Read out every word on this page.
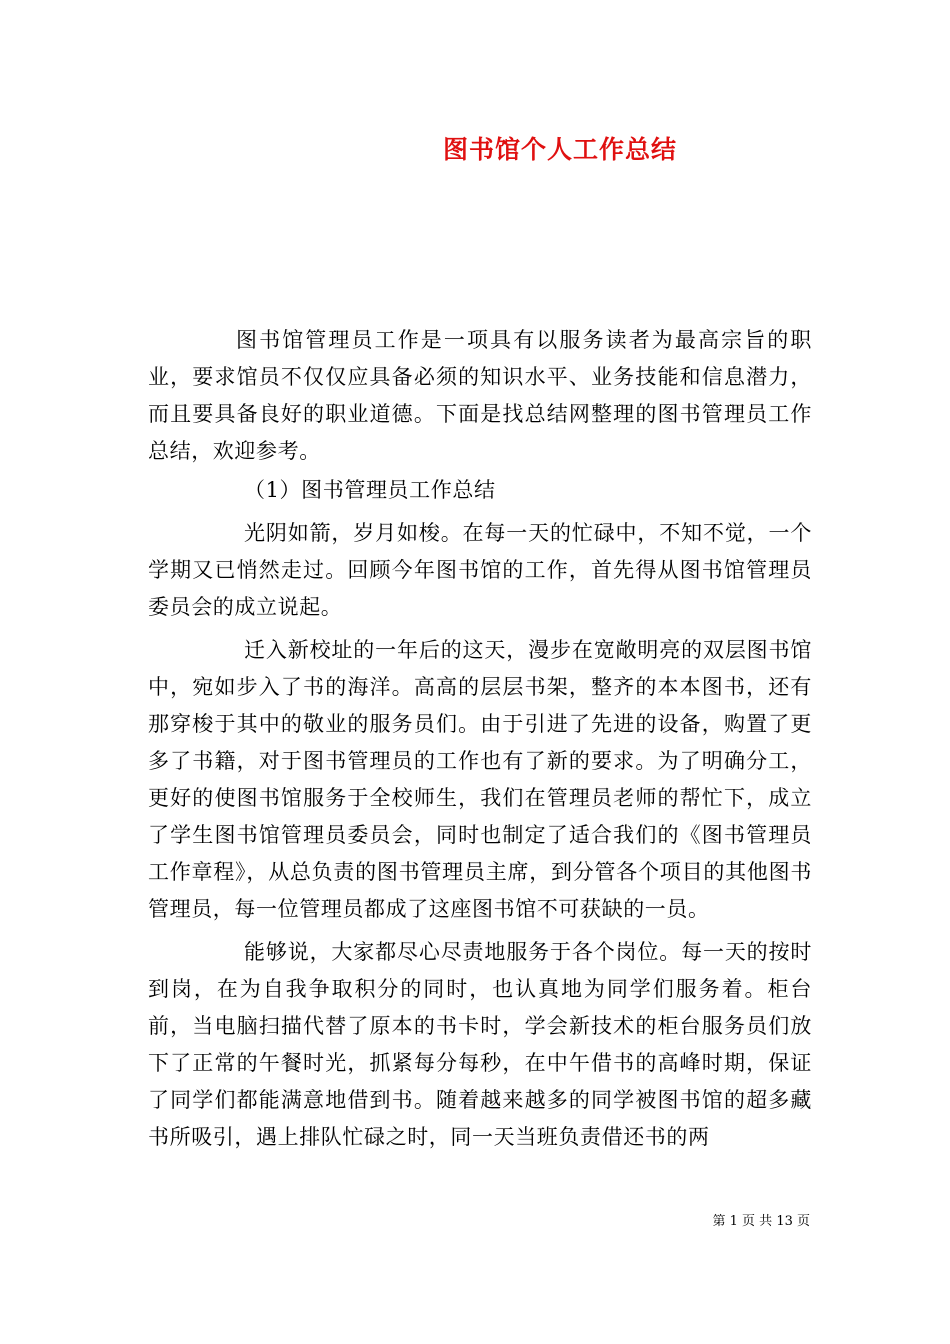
图书馆个人工作总结

图书馆管理员工作是一项具有以服务读者为最高宗旨的职业，要求馆员不仅仅应具备必须的知识水平、业务技能和信息潜力，而且要具备良好的职业道德。下面是找总结网整理的图书管理员工作总结，欢迎参考。

（1）图书管理员工作总结

光阴如箭，岁月如梭。在每一天的忙碌中，不知不觉，一个学期又已悄然走过。回顾今年图书馆的工作，首先得从图书馆管理员委员会的成立说起。

迁入新校址的一年后的这天，漫步在宽敞明亮的双层图书馆中，宛如步入了书的海洋。高高的层层书架，整齐的本本图书，还有那穿梭于其中的敬业的服务员们。由于引进了先进的设备，购置了更多了书籍，对于图书管理员的工作也有了新的要求。为了明确分工，更好的使图书馆服务于全校师生，我们在管理员老师的帮忙下，成立了学生图书馆管理员委员会，同时也制定了适合我们的《图书管理员工作章程》，从总负责的图书管理员主席，到分管各个项目的其他图书管理员，每一位管理员都成了这座图书馆不可获缺的一员。

能够说，大家都尽心尽责地服务于各个岗位。每一天的按时到岗，在为自我争取积分的同时，也认真地为同学们服务着。柜台前，当电脑扫描代替了原本的书卡时，学会新技术的柜台服务员们放下了正常的午餐时光，抓紧每分每秒，在中午借书的高峰时期，保证了同学们都能满意地借到书。随着越来越多的同学被图书馆的超多藏书所吸引，遇上排队忙碌之时，同一天当班负责借还书的两

第 1 页 共 13 页
